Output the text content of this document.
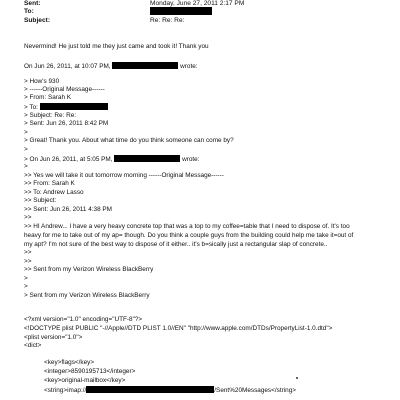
Sent:	Monday, June 27, 2011 2:17 PM
To:
Subject:	Re: Re: Re:
Nevermind! He just told me they just came and took it! Thank you
On Jun 26, 2011, at 10:07 PM,	wrote:
> How's 930
> ------Original Message------
> From: Sarah K
> To:
> Subject: Re: Re:
> Sent: Jun 26, 2011 8:42 PM
>
> Great! Thank you. About what time do you think someone can come by?
>
> On Jun 26, 2011, at 5:05 PM,	wrote:
>
>> Yes we will take it out tomorrow morning ------Original Message------
>> From: Sarah K
>> To: Andrew Lasso
>> Subject:
>> Sent: Jun 26, 2011 4:38 PM
>>
>> HI Andrew... I have a very heavy concrete top that was a top to my coffee=table that I need to dispose of. It's too
heavy for me to take out of my ap= though. Do you think a couple guys from the building could help me take it=out of
my apt? I'm not sure of the best way to dispose of it either.. it's b=sically just a rectangular slap of concrete..
>>
>>
>> Sent from my Verizon Wireless BlackBerry
>
>
> Sent from my Verizon Wireless BlackBerry
<?xml version="1.0" encoding="UTF-8"?>
<!DOCTYPE plist PUBLIC "-//Apple//DTD PLIST 1.0//EN" "http://www.apple.com/DTDs/PropertyList-1.0.dtd">
<plist version="1.0">
<dict>
<key>flags</key>
<integer>8590195713</integer>
<key>original-mailbox</key>
<string>imap://	/Sent%20Messages</string>
